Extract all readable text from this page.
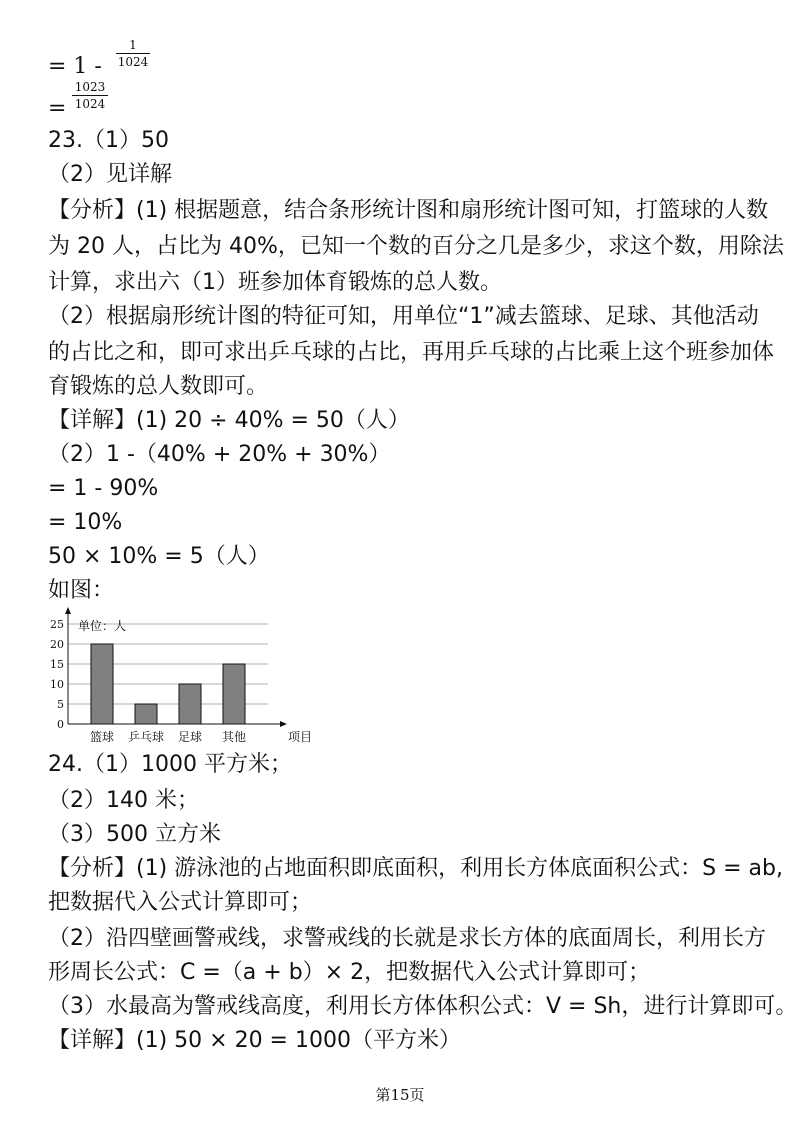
= 1 -
1
1024
=
1023
1024
23.（1）50
（2）见详解
【分析】(1) 根据题意，结合条形统计图和扇形统计图可知，打篮球的人数
为 20 人，占比为 40%，已知一个数的百分之几是多少，求这个数，用除法
计算，求出六（1）班参加体育锻炼的总人数。
（2）根据扇形统计图的特征可知，用单位“1”减去篮球、足球、其他活动
的占比之和，即可求出乒乓球的占比，再用乒乓球的占比乘上这个班参加体
育锻炼的总人数即可。
【详解】(1) 20 ÷ 40% = 50（人）
（2）1 -（40% + 20% + 30%）
= 1 - 90%
= 10%
50 × 10% = 5（人）
如图：
0
5
10
15
20
25 单位：人
项目
篮球 乒乓球 足球 其他
24.（1）1000 平方米；
（2）140 米；
（3）500 立方米
【分析】(1) 游泳池的占地面积即底面积，利用长方体底面积公式：S = ab,
把数据代入公式计算即可；
（2）沿四壁画警戒线，求警戒线的长就是求长方体的底面周长，利用长方
形周长公式：C =（a + b）× 2，把数据代入公式计算即可；
（3）水最高为警戒线高度，利用长方体体积公式：V = Sh，进行计算即可。
【详解】(1) 50 × 20 = 1000（平方米）
第15页
